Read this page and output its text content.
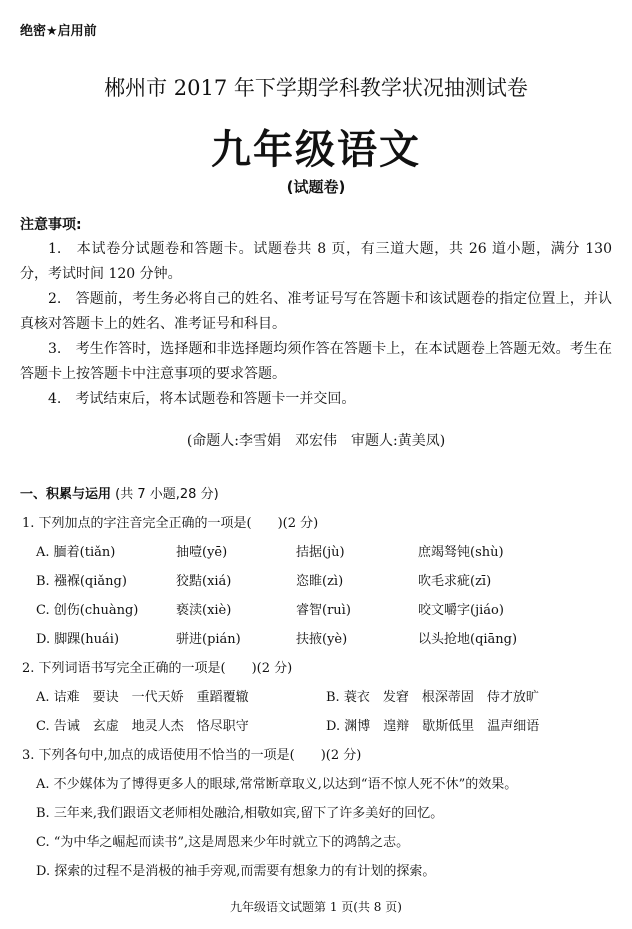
绝密★启用前
郴州市 2017 年下学期学科教学状况抽测试卷
九年级语文
(试题卷)
注意事项:

1.　本试卷分试题卷和答题卡。试题卷共 8 页，有三道大题，共 26 道小题，满分 130 分，考试时间 120 分钟。

2.　答题前，考生务必将自己的姓名、准考证号写在答题卡和该试题卷的指定位置上，并认真核对答题卡上的姓名、准考证号和科目。

3.　考生作答时，选择题和非选择题均须作答在答题卡上，在本试题卷上答题无效。考生在答题卡上按答题卡中注意事项的要求答题。

4.　考试结束后，将本试题卷和答题卡一并交回。

(命题人:李雪娟　邓宏伟　审题人:黄美凤)
一、积累与运用 (共 7 小题,28 分)
1. 下列加点的字注音完全正确的一项是(　　)(2 分)
A. 腼着(tiǎn)	抽噎(yē)	拮据(jù)	庶竭驽钝(shù)
B. 襁褓(qiǎng)	狡黠(xiá)	恣睢(zì)	吹毛求疵(zī)
C. 创伤(chuàng)	亵渎(xiè)	睿智(ruì)	咬文嚼字(jiáo)
D. 脚踝(huái)	骈进(pián)	扶掖(yè)	以头抢地(qiāng)
2. 下列词语书写完全正确的一项是(　　)(2 分)
A. 诘难　要诀　一代天娇　重蹈覆辙	B. 蓑衣　发窘　根深蒂固　侍才放旷
C. 告诫　玄虚　地灵人杰　恪尽职守	D. 渊博　遑辩　歇斯低里　温声细语
3. 下列各句中,加点的成语使用不恰当的一项是(　　)(2 分)
A. 不少媒体为了博得更多人的眼球,常常断章取义,以达到“语不惊人死不休”的效果。
B. 三年来,我们跟语文老师相处融洽,相敬如宾,留下了许多美好的回忆。
C. “为中华之崛起而读书”,这是周恩来少年时就立下的鸿鹄之志。
D. 探索的过程不是消极的袖手旁观,而需要有想象力的有计划的探索。
九年级语文试题第 1 页(共 8 页)
